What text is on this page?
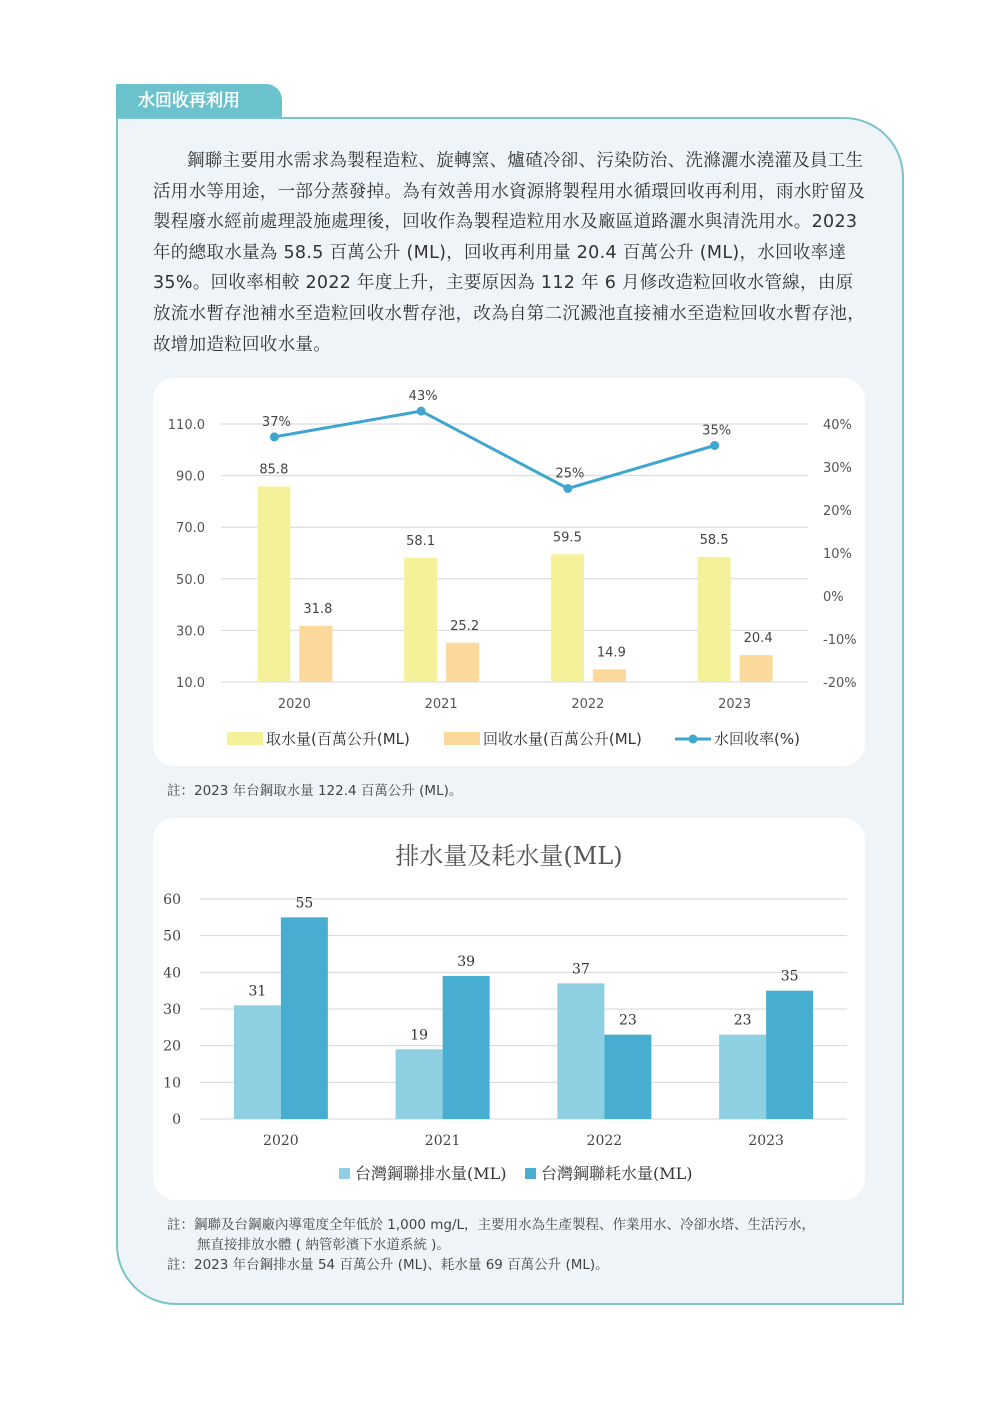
水回收再利用

鋼聯主要用水需求為製程造粒、旋轉窯、爐碴冷卻、污染防治、洗滌灑水澆灌及員工生活用水等用途，一部分蒸發掉。為有效善用水資源將製程用水循環回收再利用，雨水貯留及製程廢水經前處理設施處理後，回收作為製程造粒用水及廠區道路灑水與清洗用水。2023 年的總取水量為 58.5 百萬公升 (ML)，回收再利用量 20.4 百萬公升 (ML)，水回收率達 35%。回收率相較 2022 年度上升，主要原因為 112 年 6 月修改造粒回收水管線，由原放流水暫存池補水至造粒回收水暫存池，改為自第二沉澱池直接補水至造粒回收水暫存池，故增加造粒回收水量。

110.0
90.0
70.0
50.0
30.0
10.0
40%
30%
20%
10%
0%
-10%
-20%
2020	2021	2022	2023
85.8
58.1	59.5	58.5
31.8
25.2
14.9
20.4
37%
43%
25%
35%
取水量(百萬公升(ML)	回收水量(百萬公升(ML)	水回收率(%)
註：2023 年台鋼取水量 122.4 百萬公升 (ML)。
排水量及耗水量(ML)
60
50
40
30
20
10
0
2020
31
55
2021
19
39
2022
37
23
2023
23
35
台灣鋼聯排水量(ML) 台灣鋼聯耗水量(ML)
註：鋼聯及台鋼廠內導電度全年低於 1,000 mg/L，主要用水為生產製程、作業用水、冷卻水塔、生活污水，
無直接排放水體 ( 納管彰濱下水道系統 )。
註：2023 年台鋼排水量 54 百萬公升 (ML)、耗水量 69 百萬公升 (ML)。
